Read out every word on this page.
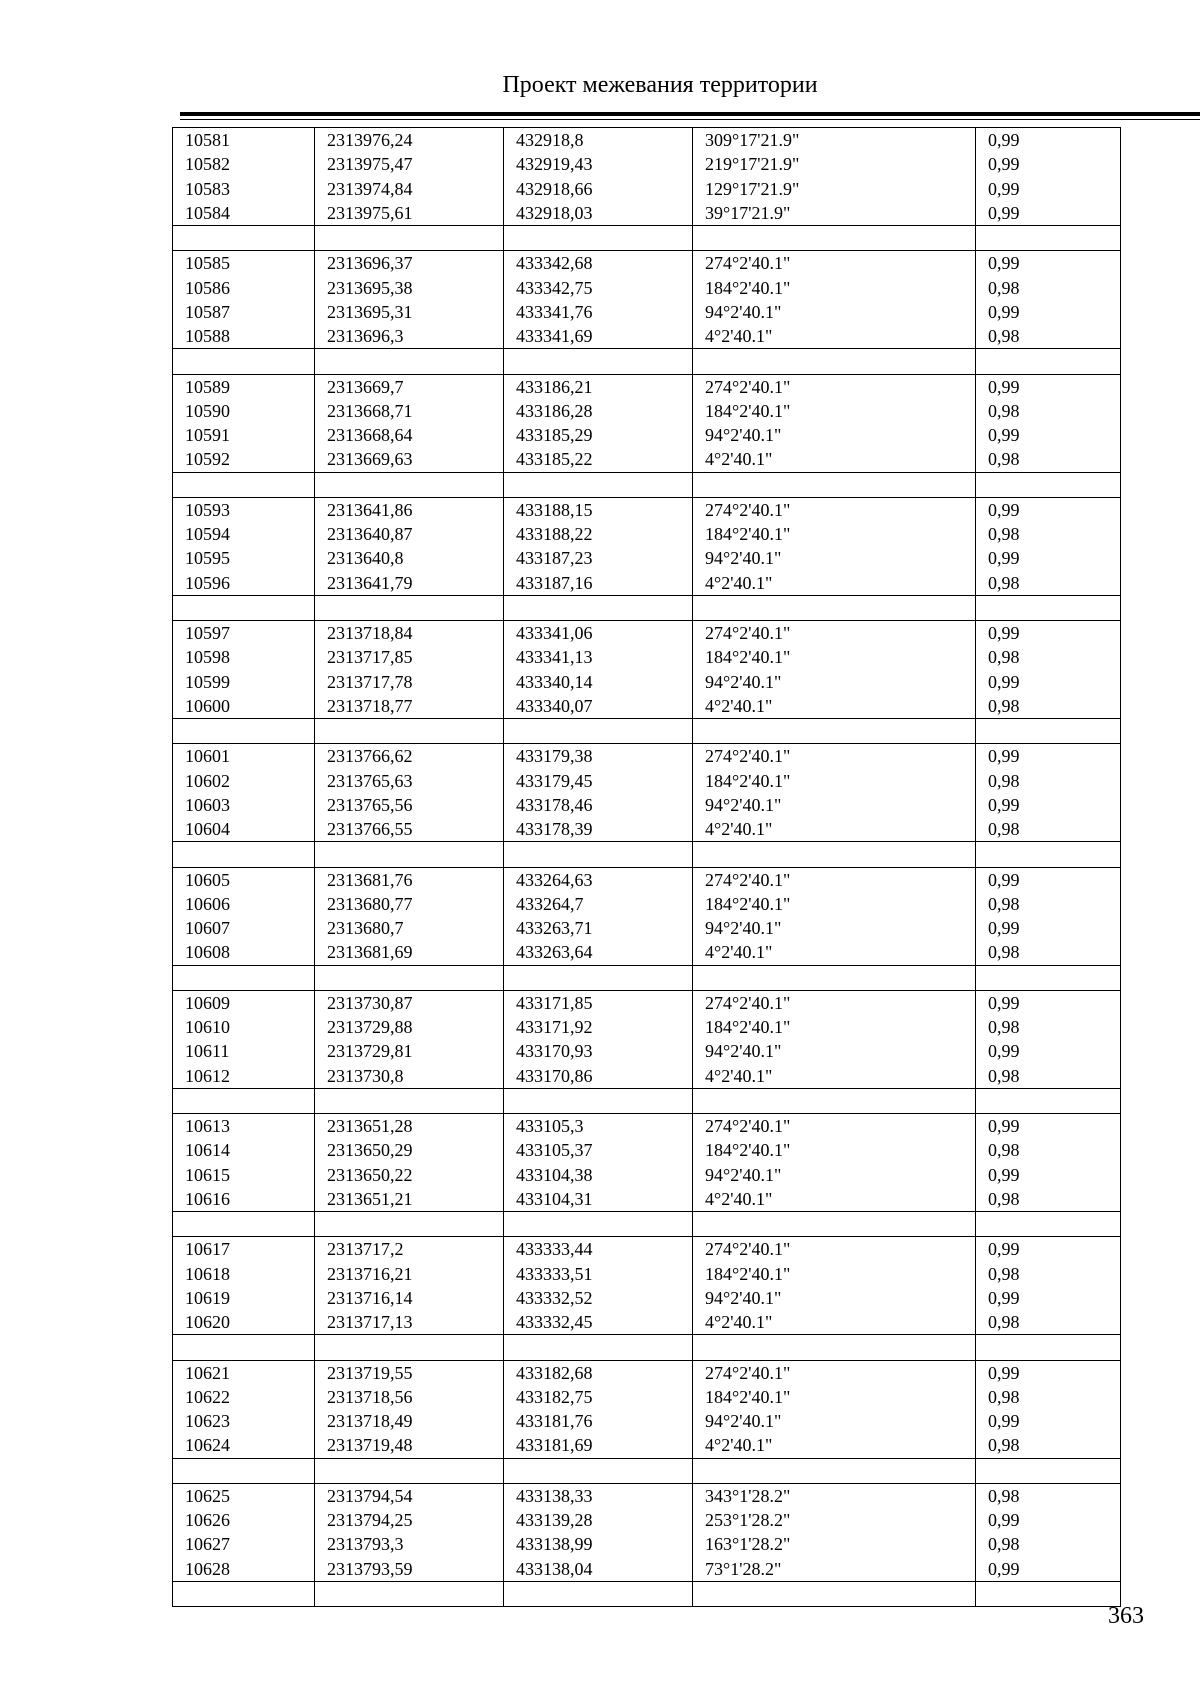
Проект межевания территории
10581	2313976,24	432918,8	309°17'21.9"	0,99
10582	2313975,47	432919,43	219°17'21.9"	0,99
10583	2313974,84	432918,66	129°17'21.9"	0,99
10584	2313975,61	432918,03	39°17'21.9"	0,99

10585	2313696,37	433342,68	274°2'40.1"	0,99
10586	2313695,38	433342,75	184°2'40.1"	0,98
10587	2313695,31	433341,76	94°2'40.1"	0,99
10588	2313696,3	433341,69	4°2'40.1"	0,98

10589	2313669,7	433186,21	274°2'40.1"	0,99
10590	2313668,71	433186,28	184°2'40.1"	0,98
10591	2313668,64	433185,29	94°2'40.1"	0,99
10592	2313669,63	433185,22	4°2'40.1"	0,98

10593	2313641,86	433188,15	274°2'40.1"	0,99
10594	2313640,87	433188,22	184°2'40.1"	0,98
10595	2313640,8	433187,23	94°2'40.1"	0,99
10596	2313641,79	433187,16	4°2'40.1"	0,98

10597	2313718,84	433341,06	274°2'40.1"	0,99
10598	2313717,85	433341,13	184°2'40.1"	0,98
10599	2313717,78	433340,14	94°2'40.1"	0,99
10600	2313718,77	433340,07	4°2'40.1"	0,98

10601	2313766,62	433179,38	274°2'40.1"	0,99
10602	2313765,63	433179,45	184°2'40.1"	0,98
10603	2313765,56	433178,46	94°2'40.1"	0,99
10604	2313766,55	433178,39	4°2'40.1"	0,98

10605	2313681,76	433264,63	274°2'40.1"	0,99
10606	2313680,77	433264,7	184°2'40.1"	0,98
10607	2313680,7	433263,71	94°2'40.1"	0,99
10608	2313681,69	433263,64	4°2'40.1"	0,98

10609	2313730,87	433171,85	274°2'40.1"	0,99
10610	2313729,88	433171,92	184°2'40.1"	0,98
10611	2313729,81	433170,93	94°2'40.1"	0,99
10612	2313730,8	433170,86	4°2'40.1"	0,98

10613	2313651,28	433105,3	274°2'40.1"	0,99
10614	2313650,29	433105,37	184°2'40.1"	0,98
10615	2313650,22	433104,38	94°2'40.1"	0,99
10616	2313651,21	433104,31	4°2'40.1"	0,98

10617	2313717,2	433333,44	274°2'40.1"	0,99
10618	2313716,21	433333,51	184°2'40.1"	0,98
10619	2313716,14	433332,52	94°2'40.1"	0,99
10620	2313717,13	433332,45	4°2'40.1"	0,98

10621	2313719,55	433182,68	274°2'40.1"	0,99
10622	2313718,56	433182,75	184°2'40.1"	0,98
10623	2313718,49	433181,76	94°2'40.1"	0,99
10624	2313719,48	433181,69	4°2'40.1"	0,98

10625	2313794,54	433138,33	343°1'28.2"	0,98
10626	2313794,25	433139,28	253°1'28.2"	0,99
10627	2313793,3	433138,99	163°1'28.2"	0,98
10628	2313793,59	433138,04	73°1'28.2"	0,99

363
